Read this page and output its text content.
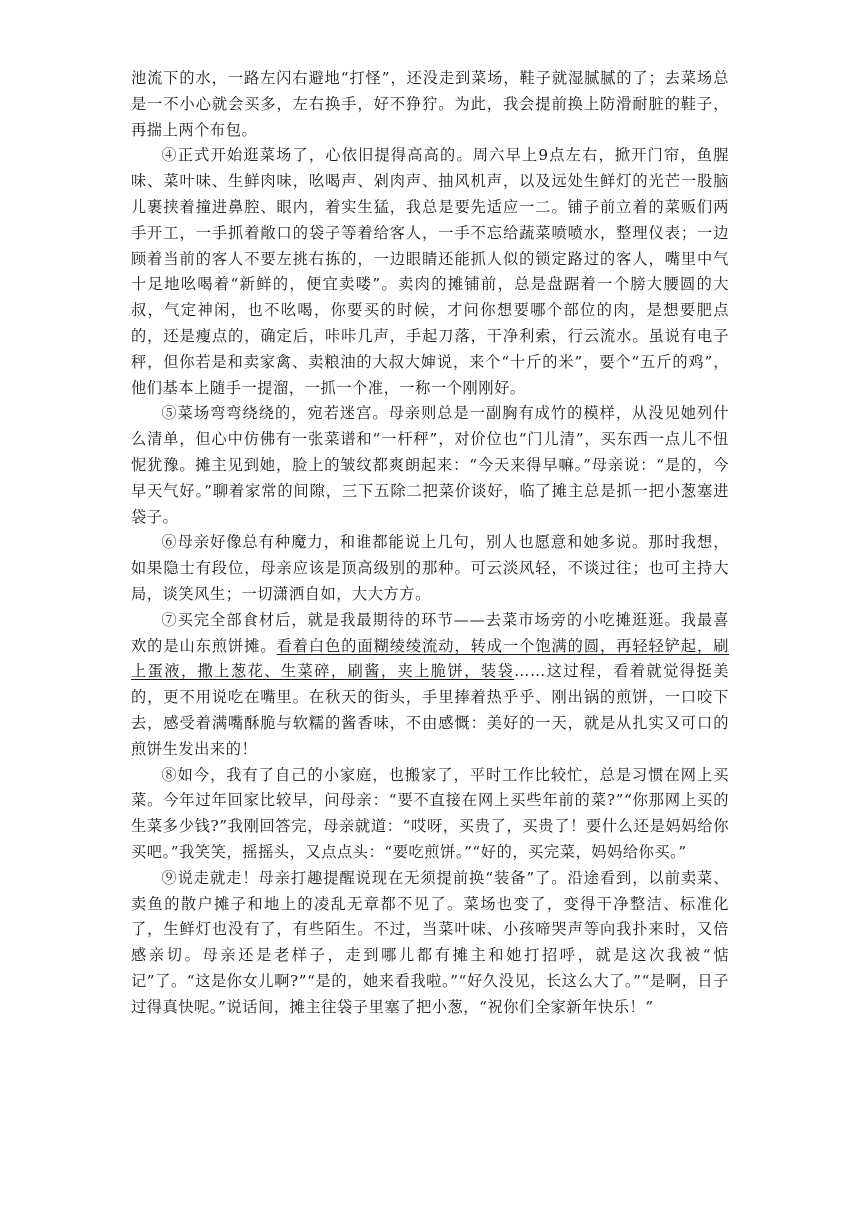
池流下的水，一路左闪右避地“打怪”，还没走到菜场，鞋子就湿腻腻的了；去菜场总是一不小心就会买多，左右换手，好不狰狞。为此，我会提前换上防滑耐脏的鞋子，再揣上两个布包。

④正式开始逛菜场了，心依旧提得高高的。周六早上9点左右，掀开门帘，鱼腥味、菜叶味、生鲜肉味，吆喝声、剁肉声、抽风机声，以及远处生鲜灯的光芒一股脑儿裹挟着撞进鼻腔、眼内，着实生猛，我总是要先适应一二。铺子前立着的菜贩们两手开工，一手抓着敞口的袋子等着给客人，一手不忘给蔬菜喷喷水，整理仪表；一边顾着当前的客人不要左挑右拣的，一边眼睛还能抓人似的锁定路过的客人，嘴里中气十足地吆喝着“新鲜的，便宜卖喽”。卖肉的摊铺前，总是盘踞着一个膀大腰圆的大叔，气定神闲，也不吆喝，你要买的时候，才问你想要哪个部位的肉，是想要肥点的，还是瘦点的，确定后，咔咔几声，手起刀落，干净利索，行云流水。虽说有电子秤，但你若是和卖家禽、卖粮油的大叔大婶说，来个“十斤的米”，要个“五斤的鸡”，他们基本上随手一提溜，一抓一个准，一称一个刚刚好。

⑤菜场弯弯绕绕的，宛若迷宫。母亲则总是一副胸有成竹的模样，从没见她列什么清单，但心中仿佛有一张菜谱和“一杆秤”，对价位也“门儿清”，买东西一点儿不忸怩犹豫。摊主见到她，脸上的皱纹都爽朗起来：“今天来得早嘛。”母亲说：“是的，今早天气好。”聊着家常的间隙，三下五除二把菜价谈好，临了摊主总是抓一把小葱塞进袋子。

⑥母亲好像总有种魔力，和谁都能说上几句，别人也愿意和她多说。那时我想，如果隐士有段位，母亲应该是顶高级别的那种。可云淡风轻，不谈过往；也可主持大局，谈笑风生；一切潇洒自如，大大方方。

⑦买完全部食材后，就是我最期待的环节——去菜市场旁的小吃摊逛逛。我最喜欢的是山东煎饼摊。看着白色的面糊绫绫流动，转成一个饱满的圆，再轻轻铲起，刷上蛋液，撒上葱花、生菜碎，刷酱，夹上脆饼，装袋……这过程，看着就觉得挺美的，更不用说吃在嘴里。在秋天的街头，手里捧着热乎乎、刚出锅的煎饼，一口咬下去，感受着满嘴酥脆与软糯的酱香味，不由感慨：美好的一天，就是从扎实又可口的煎饼生发出来的！

⑧如今，我有了自己的小家庭，也搬家了，平时工作比较忙，总是习惯在网上买菜。今年过年回家比较早，问母亲：“要不直接在网上买些年前的菜?”“你那网上买的生菜多少钱?”我刚回答完，母亲就道：“哎呀，买贵了，买贵了！要什么还是妈妈给你买吧。”我笑笑，摇摇头，又点点头：“要吃煎饼。”“好的，买完菜，妈妈给你买。”

⑨说走就走！母亲打趣提醒说现在无须提前换“装备”了。沿途看到，以前卖菜、卖鱼的散户摊子和地上的凌乱无章都不见了。菜场也变了，变得干净整洁、标准化了，生鲜灯也没有了，有些陌生。不过，当菜叶味、小孩啼哭声等向我扑来时，又倍感亲切。母亲还是老样子，走到哪儿都有摊主和她打招呼，就是这次我被“惦记”了。“这是你女儿啊?”“是的，她来看我啦。”“好久没见，长这么大了。”“是啊，日子过得真快呢。”说话间，摊主往袋子里塞了把小葱，“祝你们全家新年快乐！”
